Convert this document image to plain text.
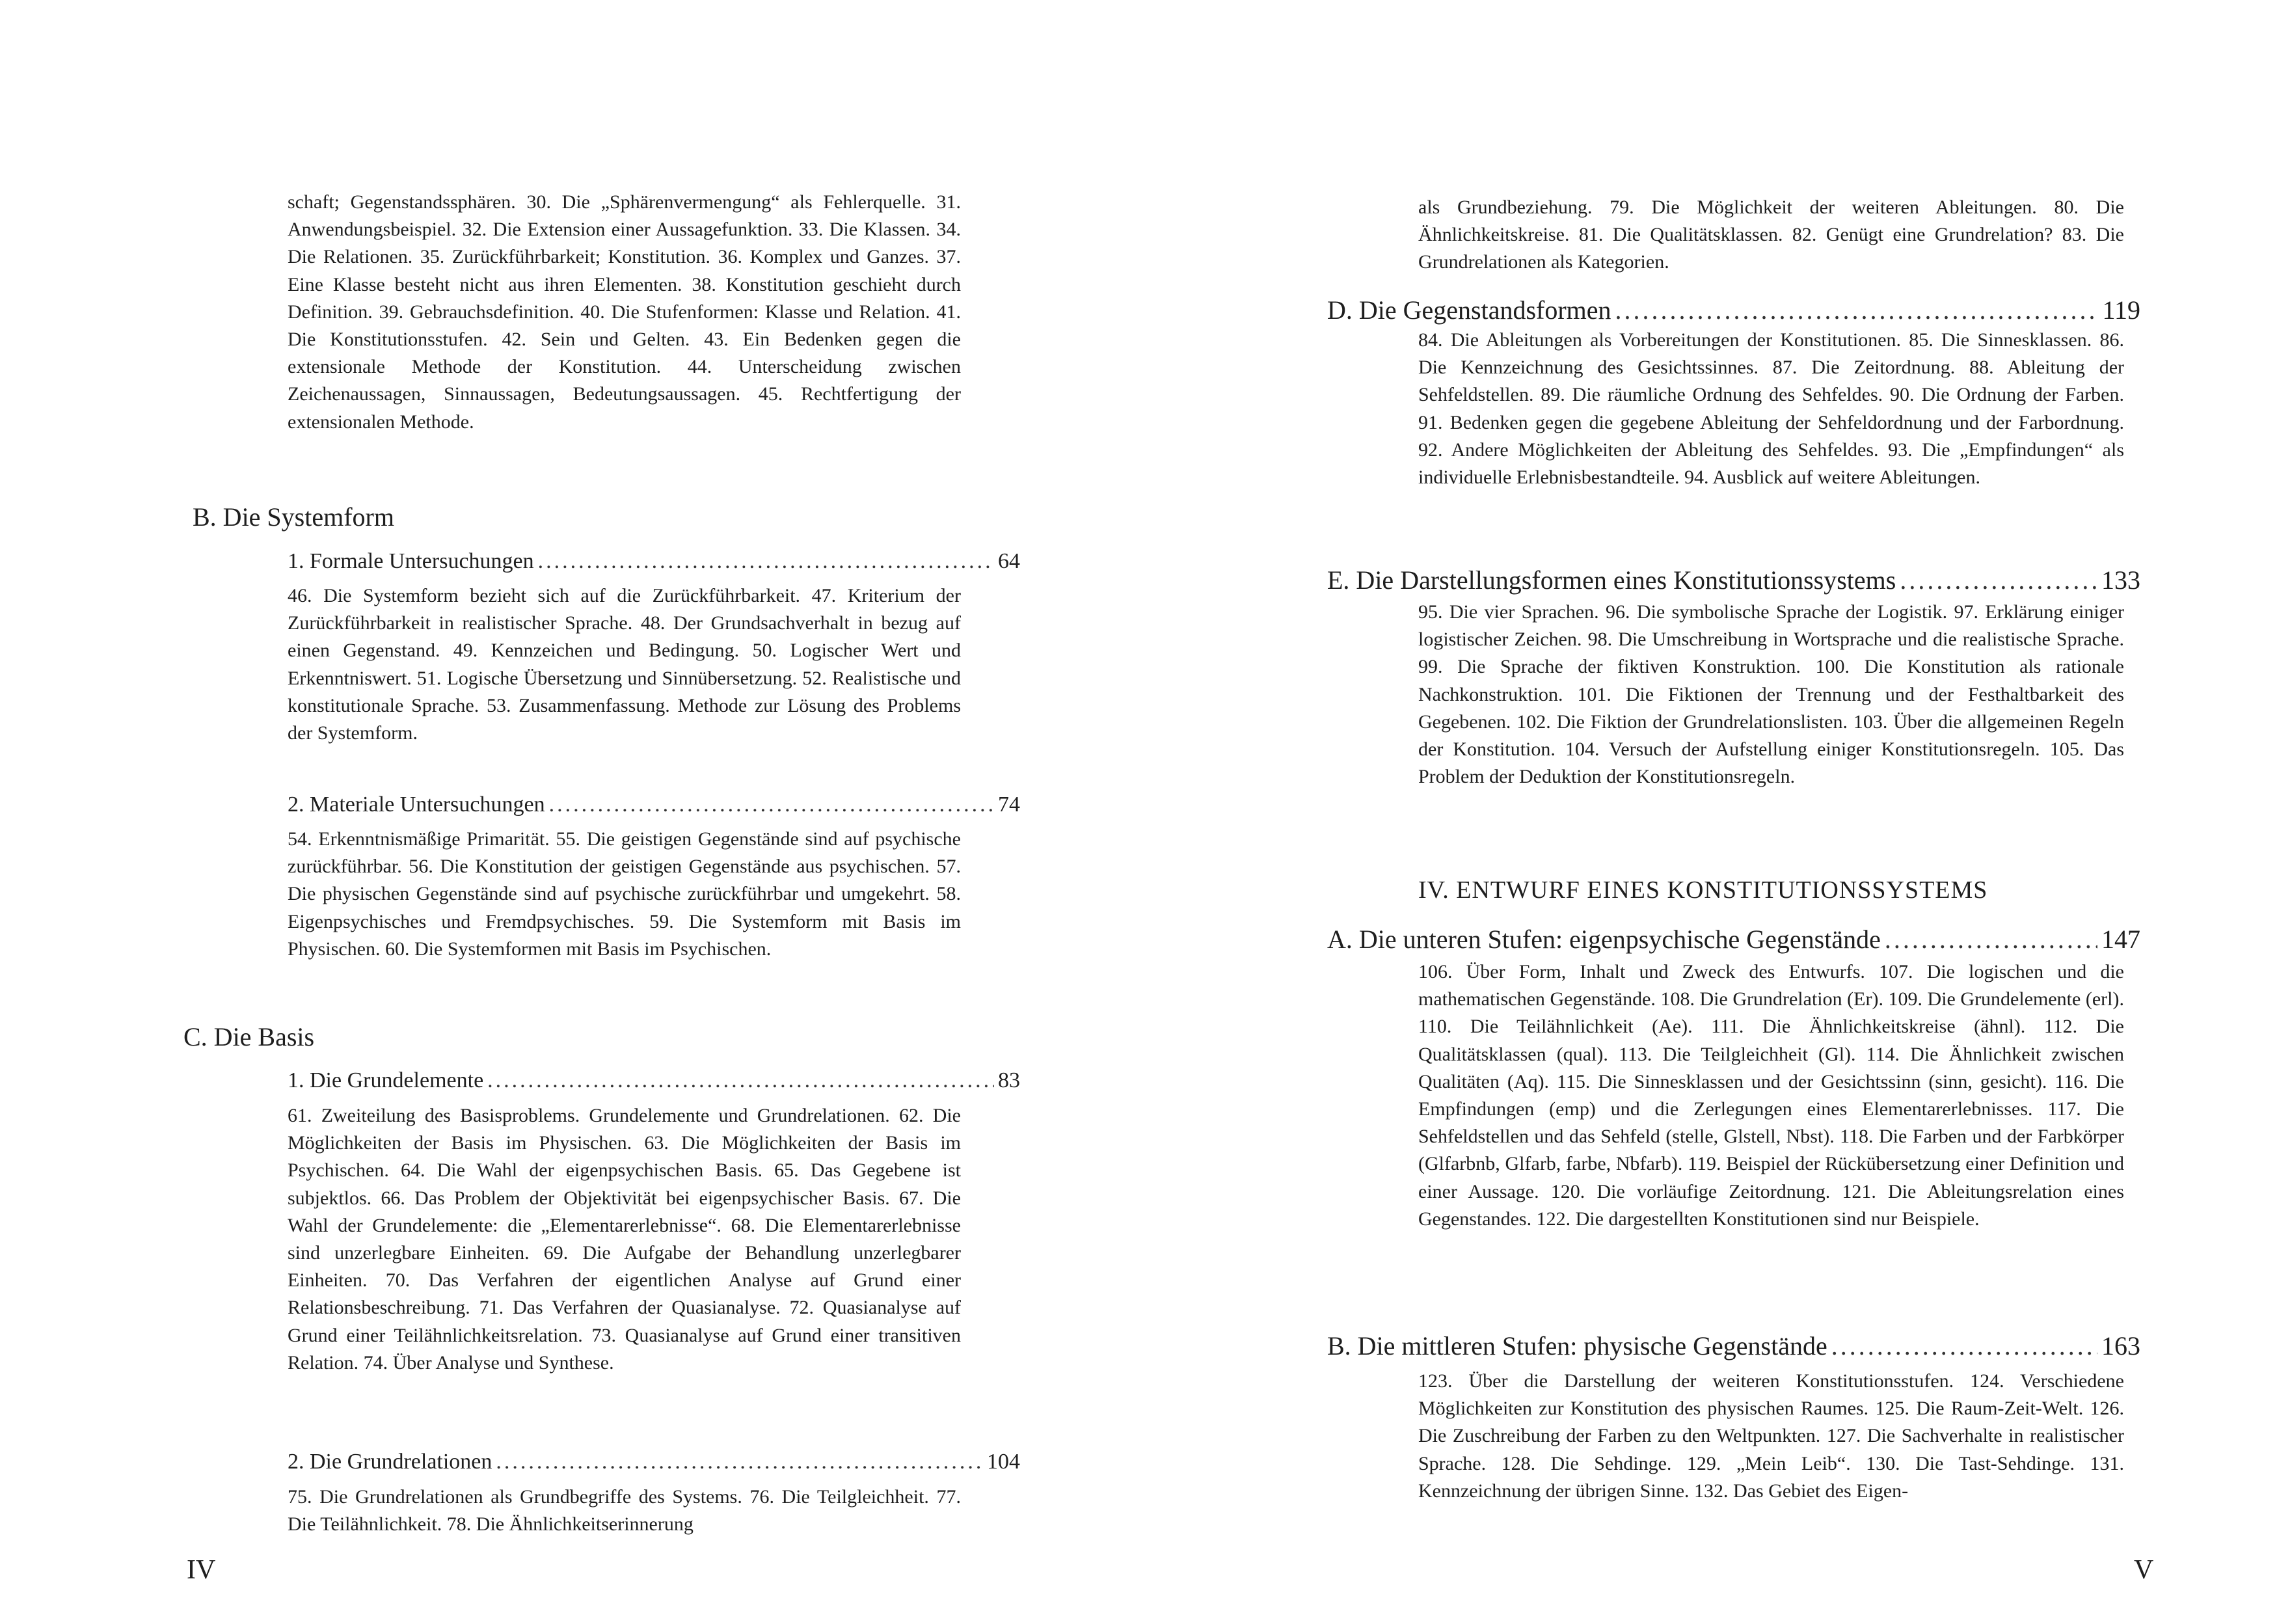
schaft; Gegenstandssphären. 30. Die „Sphärenvermengung“ als Fehlerquelle. 31. Anwendungsbeispiel. 32. Die Extension einer Aussagefunktion. 33. Die Klassen. 34. Die Relationen. 35. Zurückführbarkeit; Konstitution. 36. Komplex und Ganzes. 37. Eine Klasse besteht nicht aus ihren Elementen. 38. Konstitution geschieht durch Definition. 39. Gebrauchsdefinition. 40. Die Stufenformen: Klasse und Relation. 41. Die Konstitutionsstufen. 42. Sein und Gelten. 43. Ein Bedenken gegen die extensionale Methode der Konstitution. 44. Unterscheidung zwischen Zeichenaussagen, Sinnaussagen, Bedeutungsaussagen. 45. Rechtfertigung der extensionalen Methode.
B. Die Systemform
1. Formale Untersuchungen .....	64
46. Die Systemform bezieht sich auf die Zurückführbarkeit. 47. Kriterium der Zurückführbarkeit in realistischer Sprache. 48. Der Grundsachverhalt in bezug auf einen Gegenstand. 49. Kennzeichen und Bedingung. 50. Logischer Wert und Erkenntniswert. 51. Logische Übersetzung und Sinnübersetzung. 52. Realistische und konstitutionale Sprache. 53. Zusammenfassung. Methode zur Lösung des Problems der Systemform.
2. Materiale Untersuchungen .....	74
54. Erkenntnismäßige Primarität. 55. Die geistigen Gegenstände sind auf psychische zurückführbar. 56. Die Konstitution der geistigen Gegenstände aus psychischen. 57. Die physischen Gegenstände sind auf psychische zurückführbar und umgekehrt. 58. Eigenpsychisches und Fremdpsychisches. 59. Die Systemform mit Basis im Physischen. 60. Die Systemformen mit Basis im Psychischen.
C. Die Basis
1. Die Grundelemente .....	83
61. Zweiteilung des Basisproblems. Grundelemente und Grundrelationen. 62. Die Möglichkeiten der Basis im Physischen. 63. Die Möglichkeiten der Basis im Psychischen. 64. Die Wahl der eigenpsychischen Basis. 65. Das Gegebene ist subjektlos. 66. Das Problem der Objektivität bei eigenpsychischer Basis. 67. Die Wahl der Grundelemente: die „Elementarerlebnisse“. 68. Die Elementarerlebnisse sind unzerlegbare Einheiten. 69. Die Aufgabe der Behandlung unzerlegbarer Einheiten. 70. Das Verfahren der eigentlichen Analyse auf Grund einer Relationsbeschreibung. 71. Das Verfahren der Quasianalyse. 72. Quasianalyse auf Grund einer Teilähnlichkeitsrelation. 73. Quasianalyse auf Grund einer transitiven Relation. 74. Über Analyse und Synthese.
2. Die Grundrelationen .....	104
75. Die Grundrelationen als Grundbegriffe des Systems. 76. Die Teilgleichheit. 77. Die Teilähnlichkeit. 78. Die Ähnlichkeitserinnerung
IV
als Grundbeziehung. 79. Die Möglichkeit der weiteren Ableitungen. 80. Die Ähnlichkeitskreise. 81. Die Qualitätsklassen. 82. Genügt eine Grundrelation? 83. Die Grundrelationen als Kategorien.
D. Die Gegenstandsformen .....	119
84. Die Ableitungen als Vorbereitungen der Konstitutionen. 85. Die Sinnesklassen. 86. Die Kennzeichnung des Gesichtssinnes. 87. Die Zeitordnung. 88. Ableitung der Sehfeldstellen. 89. Die räumliche Ordnung des Sehfeldes. 90. Die Ordnung der Farben. 91. Bedenken gegen die gegebene Ableitung der Sehfeldordnung und der Farbordnung. 92. Andere Möglichkeiten der Ableitung des Sehfeldes. 93. Die „Empfindungen“ als individuelle Erlebnisbestandteile. 94. Ausblick auf weitere Ableitungen.
E. Die Darstellungsformen eines Konstitutionssystems .....	133
95. Die vier Sprachen. 96. Die symbolische Sprache der Logistik. 97. Erklärung einiger logistischer Zeichen. 98. Die Umschreibung in Wortsprache und die realistische Sprache. 99. Die Sprache der fiktiven Konstruktion. 100. Die Konstitution als rationale Nachkonstruktion. 101. Die Fiktionen der Trennung und der Festhaltbarkeit des Gegebenen. 102. Die Fiktion der Grundrelationslisten. 103. Über die allgemeinen Regeln der Konstitution. 104. Versuch der Aufstellung einiger Konstitutionsregeln. 105. Das Problem der Deduktion der Konstitutionsregeln.
IV. ENTWURF EINES KONSTITUTIONSSYSTEMS
A. Die unteren Stufen: eigenpsychische Gegenstände .....	147
106. Über Form, Inhalt und Zweck des Entwurfs. 107. Die logischen und die mathematischen Gegenstände. 108. Die Grundrelation (Er). 109. Die Grundelemente (erl). 110. Die Teilähnlichkeit (Ae). 111. Die Ähnlichkeitskreise (ähnl). 112. Die Qualitätsklassen (qual). 113. Die Teilgleichheit (Gl). 114. Die Ähnlichkeit zwischen Qualitäten (Aq). 115. Die Sinnesklassen und der Gesichtssinn (sinn, gesicht). 116. Die Empfindungen (emp) und die Zerlegungen eines Elementarerlebnisses. 117. Die Sehfeldstellen und das Sehfeld (stelle, Glstell, Nbst). 118. Die Farben und der Farbkörper (Glfarbnb, Glfarb, farbe, Nbfarb). 119. Beispiel der Rückübersetzung einer Definition und einer Aussage. 120. Die vorläufige Zeitordnung. 121. Die Ableitungsrelation eines Gegenstandes. 122. Die dargestellten Konstitutionen sind nur Beispiele.
B. Die mittleren Stufen: physische Gegenstände .....	163
123. Über die Darstellung der weiteren Konstitutionsstufen. 124. Verschiedene Möglichkeiten zur Konstitution des physischen Raumes. 125. Die Raum-Zeit-Welt. 126. Die Zuschreibung der Farben zu den Weltpunkten. 127. Die Sachverhalte in realistischer Sprache. 128. Die Sehdinge. 129. „Mein Leib“. 130. Die Tast-Sehdinge. 131. Kennzeichnung der übrigen Sinne. 132. Das Gebiet des Eigen-
V
